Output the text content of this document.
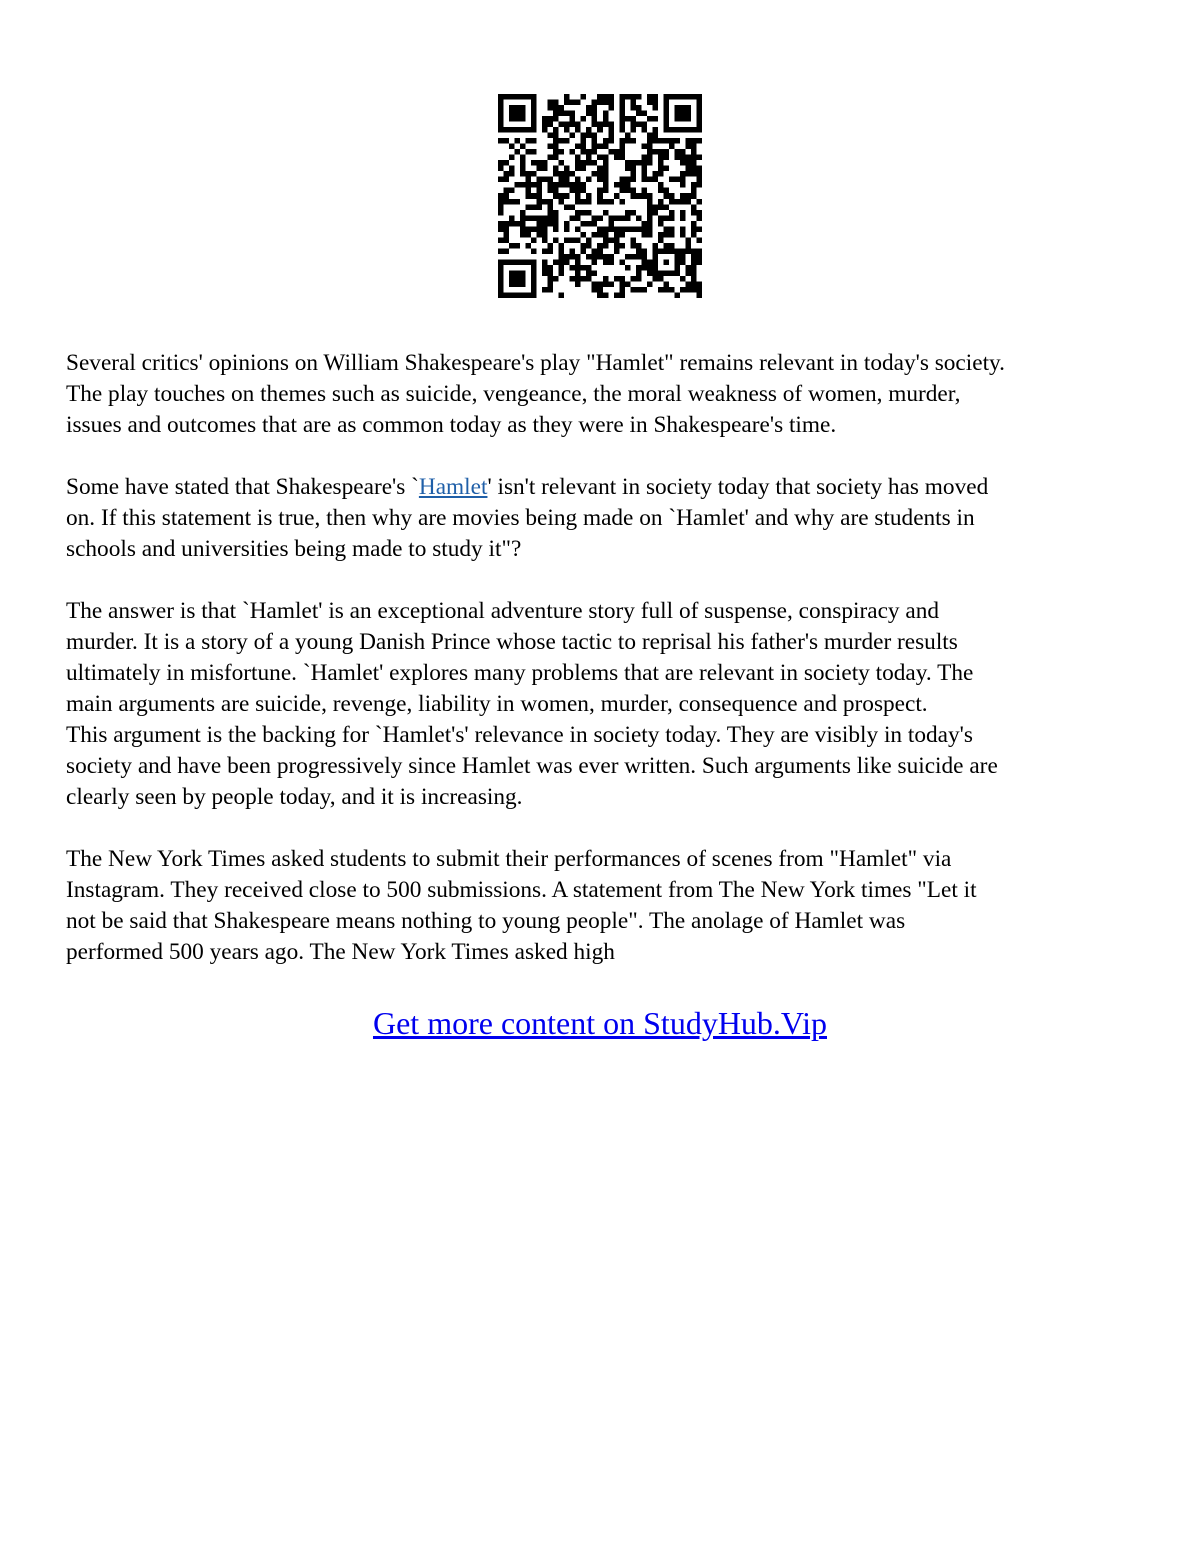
Several critics' opinions on William Shakespeare's play "Hamlet" remains relevant in today's society.
The play touches on themes such as suicide, vengeance, the moral weakness of women, murder,
issues and outcomes that are as common today as they were in Shakespeare's time.

Some have stated that Shakespeare's `Hamlet' isn't relevant in society today that society has moved
on. If this statement is true, then why are movies being made on `Hamlet' and why are students in
schools and universities being made to study it"?

The answer is that `Hamlet' is an exceptional adventure story full of suspense, conspiracy and
murder. It is a story of a young Danish Prince whose tactic to reprisal his father's murder results
ultimately in misfortune. `Hamlet' explores many problems that are relevant in society today. The
main arguments are suicide, revenge, liability in women, murder, consequence and prospect.
This argument is the backing for `Hamlet's' relevance in society today. They are visibly in today's
society and have been progressively since Hamlet was ever written. Such arguments like suicide are
clearly seen by people today, and it is increasing.

The New York Times asked students to submit their performances of scenes from "Hamlet" via
Instagram. They received close to 500 submissions. A statement from The New York times "Let it
not be said that Shakespeare means nothing to young people". The anolage of Hamlet was
performed 500 years ago. The New York Times asked high

Get more content on StudyHub.Vip
